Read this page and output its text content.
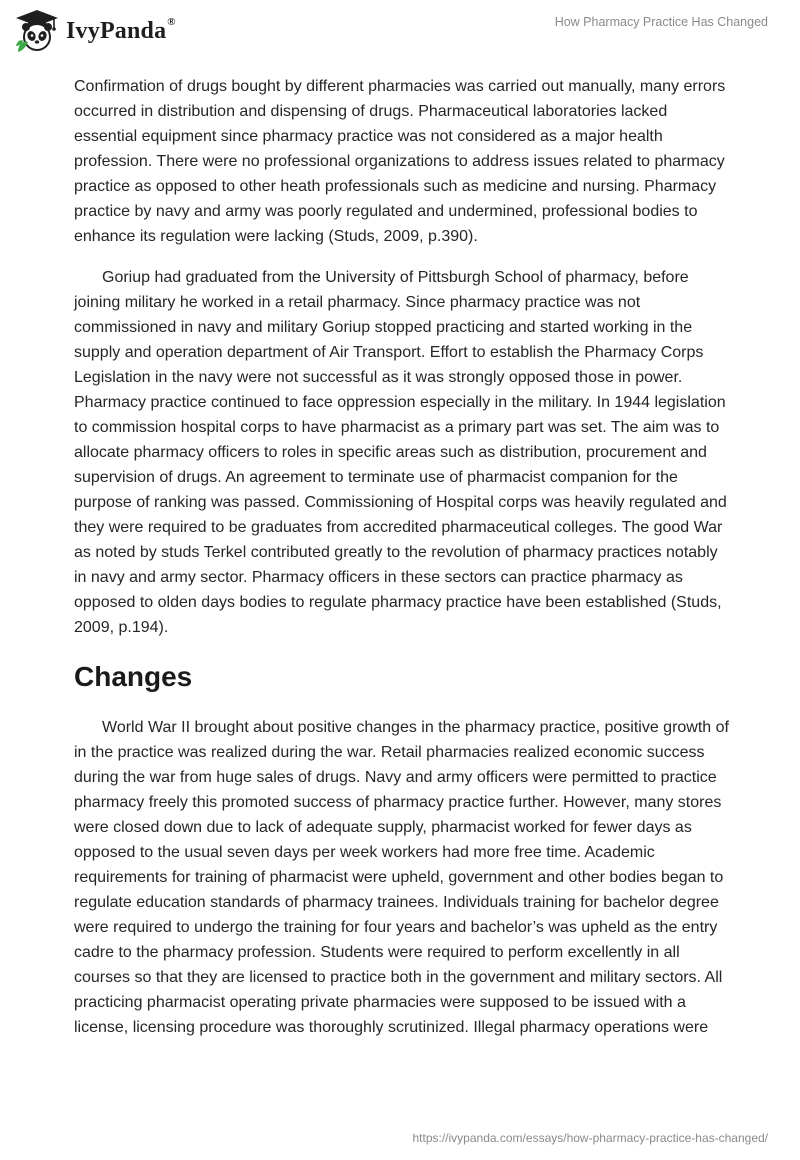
IvyPanda®	How Pharmacy Practice Has Changed

Confirmation of drugs bought by different pharmacies was carried out manually, many errors occurred in distribution and dispensing of drugs. Pharmaceutical laboratories lacked essential equipment since pharmacy practice was not considered as a major health profession. There were no professional organizations to address issues related to pharmacy practice as opposed to other heath professionals such as medicine and nursing. Pharmacy practice by navy and army was poorly regulated and undermined, professional bodies to enhance its regulation were lacking (Studs, 2009, p.390).

Goriup had graduated from the University of Pittsburgh School of pharmacy, before joining military he worked in a retail pharmacy. Since pharmacy practice was not commissioned in navy and military Goriup stopped practicing and started working in the supply and operation department of Air Transport. Effort to establish the Pharmacy Corps Legislation in the navy were not successful as it was strongly opposed those in power. Pharmacy practice continued to face oppression especially in the military. In 1944 legislation to commission hospital corps to have pharmacist as a primary part was set. The aim was to allocate pharmacy officers to roles in specific areas such as distribution, procurement and supervision of drugs. An agreement to terminate use of pharmacist companion for the purpose of ranking was passed. Commissioning of Hospital corps was heavily regulated and they were required to be graduates from accredited pharmaceutical colleges. The good War as noted by studs Terkel contributed greatly to the revolution of pharmacy practices notably in navy and army sector. Pharmacy officers in these sectors can practice pharmacy as opposed to olden days bodies to regulate pharmacy practice have been established (Studs, 2009, p.194).

Changes

World War II brought about positive changes in the pharmacy practice, positive growth of in the practice was realized during the war. Retail pharmacies realized economic success during the war from huge sales of drugs. Navy and army officers were permitted to practice pharmacy freely this promoted success of pharmacy practice further. However, many stores were closed down due to lack of adequate supply, pharmacist worked for fewer days as opposed to the usual seven days per week workers had more free time. Academic requirements for training of pharmacist were upheld, government and other bodies began to regulate education standards of pharmacy trainees. Individuals training for bachelor degree were required to undergo the training for four years and bachelor’s was upheld as the entry cadre to the pharmacy profession. Students were required to perform excellently in all courses so that they are licensed to practice both in the government and military sectors. All practicing pharmacist operating private pharmacies were supposed to be issued with a license, licensing procedure was thoroughly scrutinized. Illegal pharmacy operations were

https://ivypanda.com/essays/how-pharmacy-practice-has-changed/
